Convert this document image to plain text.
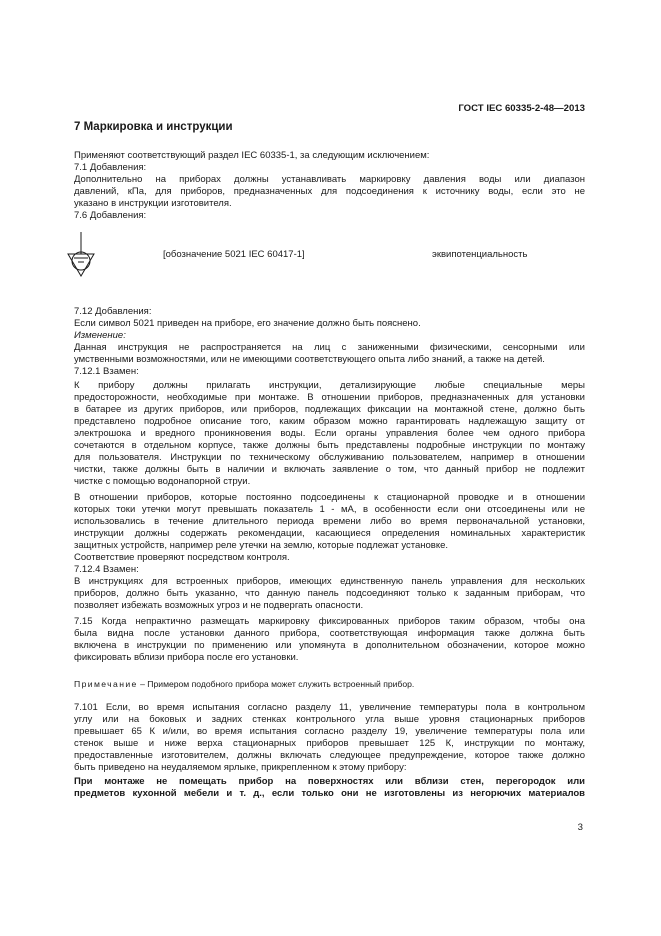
ГОСТ IEC 60335-2-48—2013
7 Маркировка и инструкции
Применяют соответствующий раздел IEC 60335-1, за следующим исключением:
7.1 Добавления:
Дополнительно на приборах должны устанавливать маркировку давления воды или диапазон
давлений, кПа, для приборов, предназначенных для подсоединения к источнику воды, если это не
указано в инструкции изготовителя.
7.6 Добавления:
[обозначение 5021 IEC 60417-1]	эквипотенциальность
7.12 Добавления:
Если символ 5021 приведен на приборе, его значение должно быть пояснено.
Изменение:
Данная инструкция не распространяется на лиц с заниженными физическими, сенсорными или
умственными возможностями, или не имеющими соответствующего опыта либо знаний, а также на детей.
7.12.1 Взамен:
К прибору должны прилагать инструкции, детализирующие любые специальные меры
предосторожности, необходимые при монтаже. В отношении приборов, предназначенных для установки
в батарее из других приборов, или приборов, подлежащих фиксации на монтажной стене, должно быть
представлено подробное описание того, каким образом можно гарантировать надлежащую защиту от
электрошока и вредного проникновения воды. Если органы управления более чем одного прибора
сочетаются в отдельном корпусе, также должны быть представлены подробные инструкции по монтажу
для пользователя. Инструкции по техническому обслуживанию пользователем, например в отношении
чистки, также должны быть в наличии и включать заявление о том, что данный прибор не подлежит
чистке с помощью водонапорной струи.
В отношении приборов, которые постоянно подсоединены к стационарной проводке и в отношении
которых токи утечки могут превышать показатель 1 - мА, в особенности если они отсоединены или не
использовались в течение длительного периода времени либо во время первоначальной установки,
инструкции должны содержать рекомендации, касающиеся определения номинальных характеристик
защитных устройств, например реле утечки на землю, которые подлежат установке.
Соответствие проверяют посредством контроля.
7.12.4 Взамен:
В инструкциях для встроенных приборов, имеющих единственную панель управления для нескольких
приборов, должно быть указанно, что данную панель подсоединяют только к заданным приборам, что
позволяет избежать возможных угроз и не подвергать опасности.
7.15 Когда непрактично размещать маркировку фиксированных приборов таким образом, чтобы она
была видна после установки данного прибора, соответствующая информация также должна быть
включена в инструкции по применению или упомянута в дополнительном обозначении, которое можно
фиксировать вблизи прибора после его установки.
Примечание – Примером подобного прибора может служить встроенный прибор.
7.101 Если, во время испытания согласно разделу 11, увеличение температуры пола в контрольном
углу или на боковых и задних стенках контрольного угла выше уровня стационарных приборов
превышает 65 К и/или, во время испытания согласно разделу 19, увеличение температуры пола или
стенок выше и ниже верха стационарных приборов превышает 125 К, инструкции по монтажу,
предоставленные изготовителем, должны включать следующее предупреждение, которое также должно
быть приведено на неудаляемом ярлыке, прикрепленном к этому прибору:
При монтаже не помещать прибор на поверхностях или вблизи стен, перегородок или
предметов кухонной мебели и т. д., если только они не изготовлены из негорючих материалов
3
